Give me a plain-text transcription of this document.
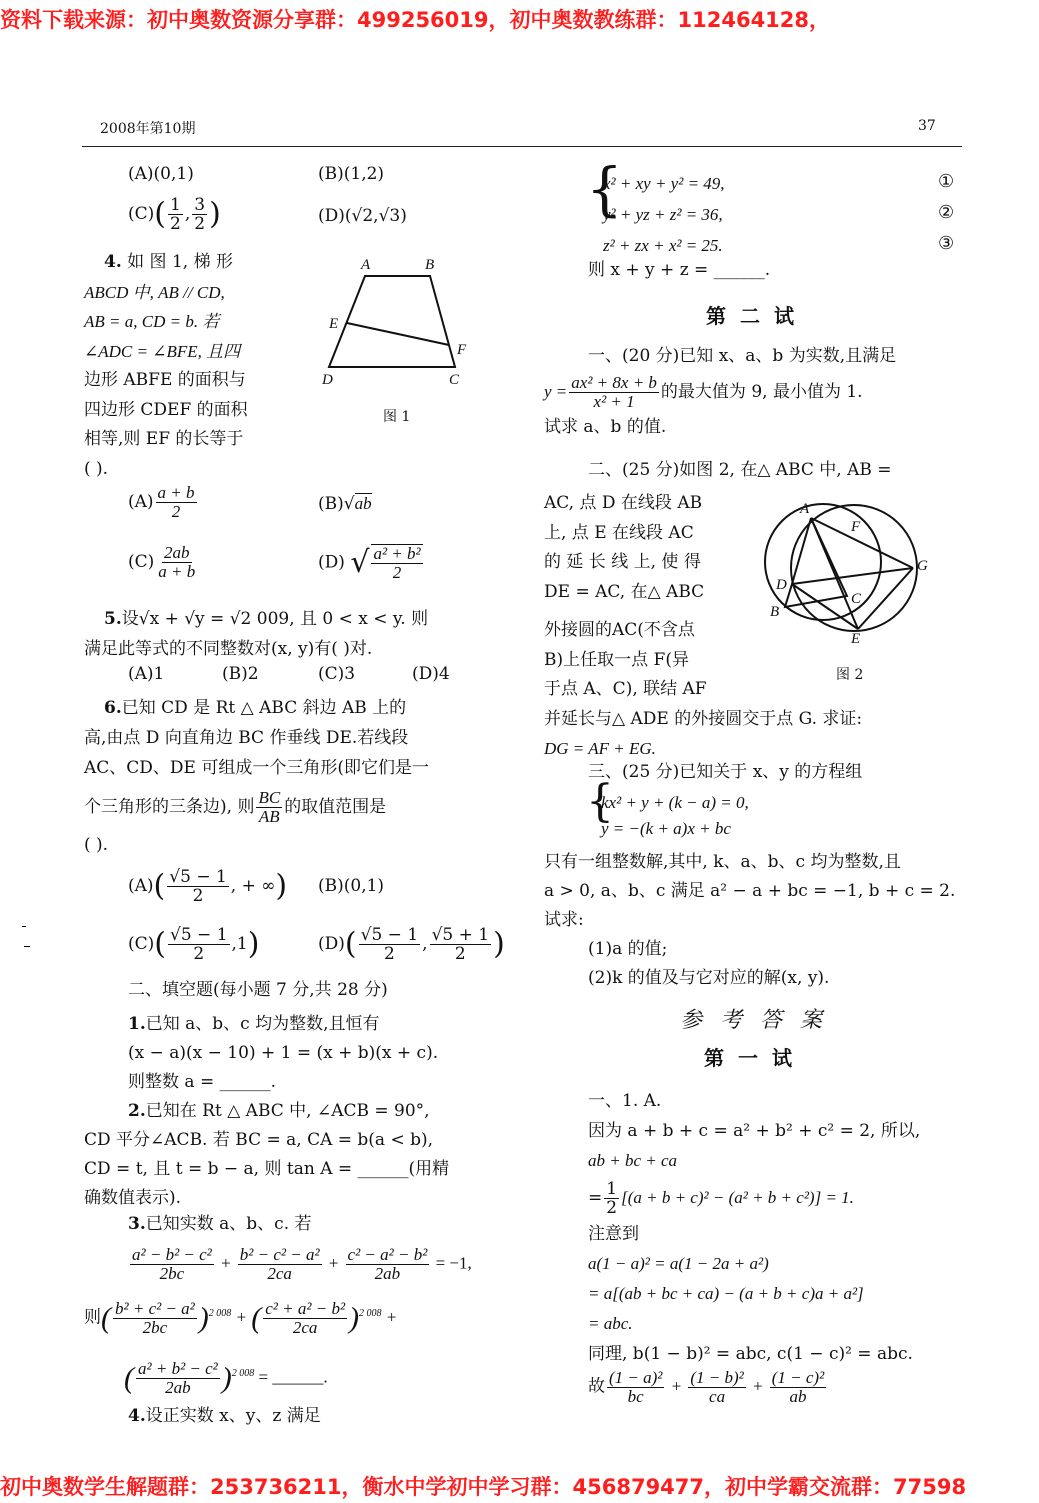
资料下载来源：初中奥数资源分享群：499256019，初中奥数教练群：112464128，
初中奥数学生解题群：253736211，衡水中学初中学习群：456879477，初中学霸交流群：77598
2008年第10期	37
(A)(0,1)	(B)(1,2)
$(C)( \frac{1}{2}$ , $\frac{3}{2}$ )	(D)(√2,√3)
4. 如 图 1, 梯 形
ABCD 中, AB // CD,
AB = a, CD = b. 若
∠ADC = ∠BFE, 且四
边形 ABFE 的面积与
四边形 CDEF 的面积
相等,则 EF 的长等于
( ).
A	B
E
F
D	C
图 1
$(A) \frac{a + b}{2}$	(B)√ab
$(C) \frac{2ab}{a + b}$	(D) √ $\frac{\text{a² + b²}}{2}$
5.设√x + √y = √2 009, 且 0 < x < y. 则
满足此等式的不同整数对(x, y)有( )对.
(A)1	(B)2	(C)3	(D)4
6.已知 CD 是 Rt △ ABC 斜边 AB 上的
高,由点 D 向直角边 BC 作垂线 DE.若线段
AC、CD、DE 可组成一个三角形(即它们是一
个三角形的三条边), 则 $\frac{BC}{AB}$ 的取值范围是
( ).
$(A)( \frac{√5 - 1}{2}$ , + ∞) (B)(0,1)
$(C)( \frac{√5 - 1}{2} ,1)$	$(D)( \frac{√5 - 1}{2}$ , $\frac{√5 + 1}{2}$ )
二、填空题(每小题 7 分,共 28 分)
1.已知 a、b、c 均为整数,且恒有
(x − a)(x − 10) + 1 = (x + b)(x + c).
则整数 a = ______.
2.已知在 Rt △ ABC 中, ∠ACB = 90°,
CD 平分∠ACB. 若 BC = a, CA = b(a < b),
CD = t, 且 t = b − a, 则 tan A = ______(用精
确数值表示).
3.已知实数 a、b、c. 若
$\frac{\text{a² − b² − c²}}{2bc} + \frac{\text{b² − c² − a²}}{2ca} + \frac{\text{c² − a² − b²}}{2ab} = -1$,
则( $\frac{\text{b² + c² − a²}}{2bc} )^{2 008}$ + ( $\frac{\text{c² + a² − b²}}{2ca} )^{2 008}$ +
( $\frac{\text{a² + b² − c²}}{2ab} )^{2 008}$ = ______.
4.设正实数 x、y、z 满足
{
x² + xy + y² = 49,
y² + yz + z² = 36,
z² + zx + x² = 25.
①
②
③
则 x + y + z = ______.
第二试
一、(20 分)已知 x、a、b 为实数,且满足
$y = \frac{\text{ax² + 8x + b}}{\text{x² + 1}}$ 的最大值为 9, 最小值为 1.
试求 a、b 的值.
二、(25 分)如图 2, 在△ ABC 中, AB =
AC, 点 D 在线段 AB
上, 点 E 在线段 AC
的 延 长 线 上, 使 得
DE = AC, 在△ ABC
外接圆的AC(不含点
B)上任取一点 F(异
于点 A、C), 联结 AF
并延长与△ ADE 的外接圆交于点 G. 求证:
DG = AF + EG.
A
F
G
D
C
B
E
图 2
三、(25 分)已知关于 x、y 的方程组
{
kx² + y + (k − a) = 0,
y = −(k + a)x + bc
只有一组整数解,其中, k、a、b、c 均为整数,且
a > 0, a、b、c 满足 a² − a + bc = −1, b + c = 2.
试求:
(1)a 的值;
(2)k 的值及与它对应的解(x, y).
参考答案
第一试
一、1. A.
因为 a + b + c = a² + b² + c² = 2, 所以,
ab + bc + ca
= $\frac{1}{2} [(a + b + c)^2 - (a^2 + b + c^2)] = 1$.
注意到
a(1 − a)² = a(1 − 2a + a²)
= a[(ab + bc + ca) − (a + b + c)a + a²]
= abc.
同理, b(1 − b)² = abc, c(1 − c)² = abc.
故 $\frac{\text{(1 − a)²}}{bc} + \frac{\text{(1 − b)²}}{ca} + \frac{\text{(1 − c)²}}{ab}$
